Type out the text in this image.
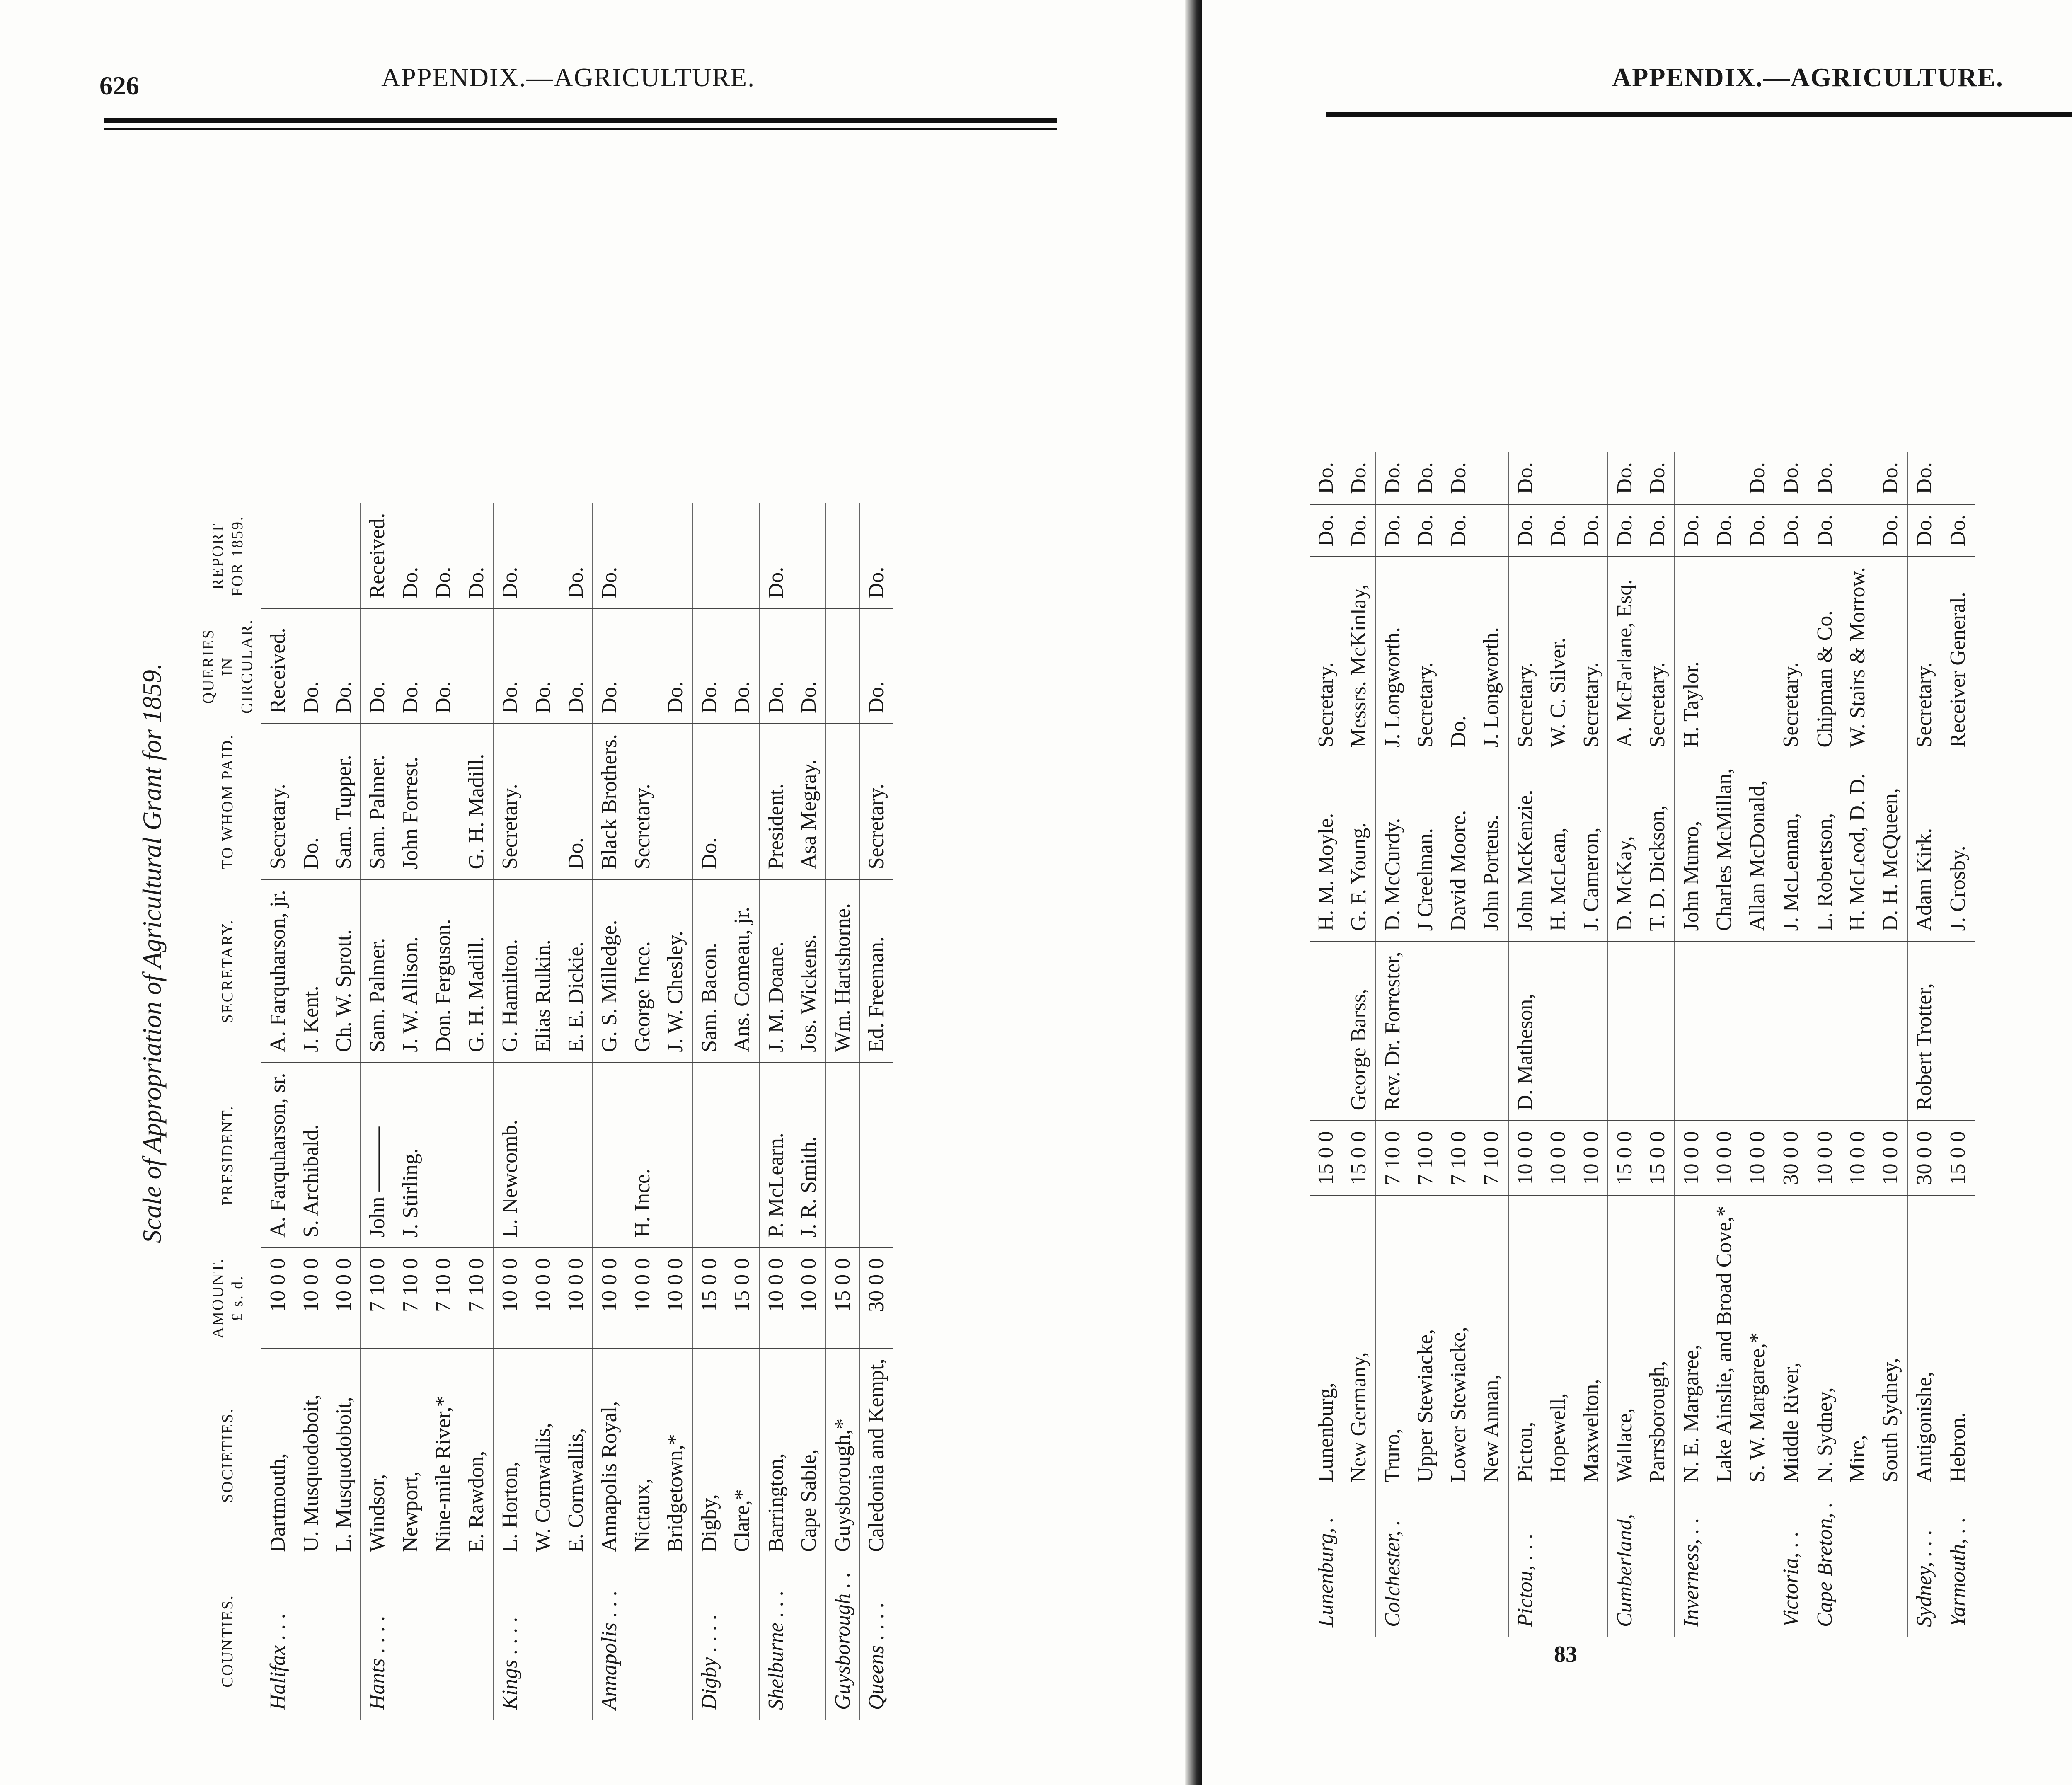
APPENDIX.—AGRICULTURE.
626
Scale of Appropriation of Agricultural Grant for 1859.
COUNTIES.	SOCIETIES.	AMOUNT. £ s. d.	PRESIDENT.	SECRETARY.	TO WHOM PAID.	QUERIES IN CIRCULAR.	REPORT FOR 1859.
Halifax . . .	Dartmouth,	10 0 0	A. Farquharson, sr.	A. Farquharson, jr.	Secretary.	Received.	
	U. Musquodoboit,	10 0 0	S. Archibald.	J. Kent.	Do.	Do.	
	L. Musquodoboit,	10 0 0		Ch. W. Sprott.	Sam. Tupper.	Do.	
Hants . . . .	Windsor,	7 10 0	John ———	Sam. Palmer.	Sam. Palmer.	Do.	Received.
	Newport,	7 10 0	J. Stirling.	J. W. Allison.	John Forrest.	Do.	Do.
	Nine-mile River,*	7 10 0		Don. Ferguson.		Do.	Do.
	E. Rawdon,	7 10 0		G. H. Madill.	G. H. Madill.		Do.
Kings . . . .	L. Horton,	10 0 0	L. Newcomb.	G. Hamilton.	Secretary.	Do.	Do.
	W. Cornwallis,	10 0 0		Elias Rulkin.		Do.	
	E. Cornwallis,	10 0 0		E. E. Dickie.	Do.	Do.	Do.
Annapolis . . .	Annapolis Royal,	10 0 0		G. S. Milledge.	Black Brothers.	Do.	Do.
	Nictaux,	10 0 0	H. Ince.	George Ince.	Secretary.		
	Bridgetown,*	10 0 0		J. W. Chesley.		Do.	
Digby . . . .	Digby,	15 0 0		Sam. Bacon.	Do.	Do.	
	Clare,*	15 0 0		Ans. Comeau, jr.		Do.	
Shelburne . . .	Barrington,	10 0 0	P. McLearn.	J. M. Doane.	President.	Do.	Do.
	Cape Sable,	10 0 0	J. R. Smith.	Jos. Wickens.	Asa Megray.	Do.	
Guysborough . .	Guysborough,*	15 0 0		Wm. Hartshorne.			
Queens . . . .	Caledonia and Kempt,	30 0 0		Ed. Freeman.	Secretary.	Do.	Do.
APPENDIX.—AGRICULTURE.
Lunenburg, .	Lunenburg,	15 0 0		H. M. Moyle.	Secretary.	Do.	Do.
	New Germany,	15 0 0	George Barss,	G. F. Young.	Messrs. McKinlay,	Do.	Do.
Colchester, .	Truro,	7 10 0	Rev. Dr. Forrester,	D. McCurdy.	J. Longworth.	Do.	Do.
	Upper Stewiacke,	7 10 0		J Creelman.	Secretary.	Do.	Do.
	Lower Stewiacke,	7 10 0		David Moore.	Do.	Do.	Do.
	New Annan,	7 10 0		John Porteus.	J. Longworth.		
Pictou, . . .	Pictou,	10 0 0	D. Matheson,	John McKenzie.	Secretary.	Do.	Do.
	Hopewell,	10 0 0		H. McLean,	W. C. Silver.	Do.	
	Maxwelton,	10 0 0		J. Cameron,	Secretary.	Do.	
Cumberland,	Wallace,	15 0 0		D. McKay,	A. McFarlane, Esq.	Do.	Do.
	Parrsborough,	15 0 0		T. D. Dickson,	Secretary.	Do.	Do.
Inverness, . .	N. E. Margaree,	10 0 0		John Munro,	H. Taylor.	Do.	
	Lake Ainslie, and Broad Cove,*	10 0 0		Charles McMillan,		Do.	
	S. W. Margaree,*	10 0 0		Allan McDonald,		Do.	Do.
Victoria, . .	Middle River,	30 0 0		J. McLennan,	Secretary.	Do.	Do.
Cape Breton, .	N. Sydney,	10 0 0		L. Robertson,	Chipman & Co.	Do.	Do.
	Mire,	10 0 0		H. McLeod, D. D.	W. Stairs & Morrow.		
	South Sydney,	10 0 0		D. H. McQueen,		Do.	Do.
Sydney, . . .	Antigonishe,	30 0 0	Robert Trotter,	Adam Kirk.	Secretary.	Do.	Do.
Yarmouth, . .	Hebron.	15 0 0		J. Crosby.	Receiver General.	Do.	
83
